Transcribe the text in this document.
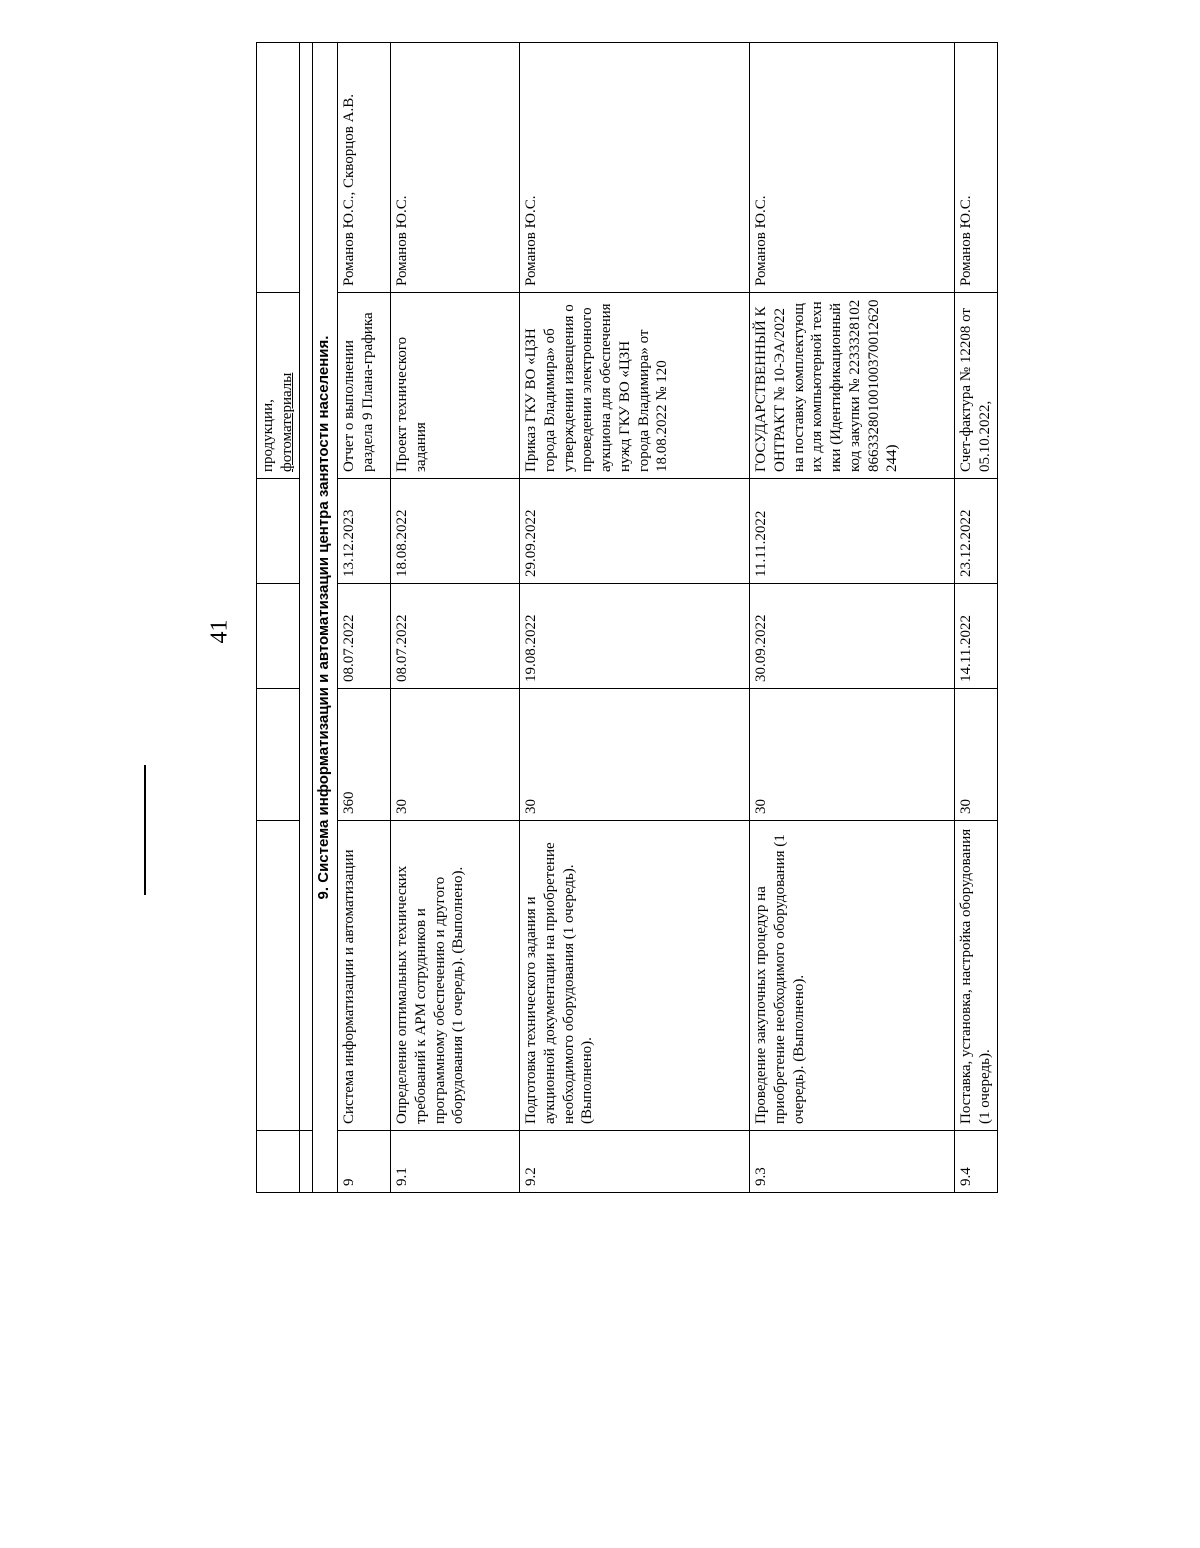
41

					продукции, фотоматериалы	

9. Система информатизации и автоматизации центра занятости населения.						
9	Система информатизации и автоматизации	360	08.07.2022	13.12.2023	Отчет о выполнении раздела 9 Плана-графика	Романов Ю.С., Скворцов А.В.
9.1	Определение оптимальных технических требований к АРМ сотрудников и программному обеспечению и другого оборудования (1 очередь). (Выполнено).	30	08.07.2022	18.08.2022	Проект технического задания	Романов Ю.С.
9.2	Подготовка технического задания и аукционной документации на приобретение необходимого оборудования (1 очередь). (Выполнено).	30	19.08.2022	29.09.2022	Приказ ГКУ ВО «ЦЗН города Владимира» об утверждении извещения о проведении электронного аукциона для обеспечения нужд ГКУ ВО «ЦЗН города Владимира» от 18.08.2022 № 120	Романов Ю.С.
9.3	Проведение закупочных процедур на приобретение необходимого оборудования (1 очередь). (Выполнено).	30	30.09.2022	11.11.2022	ГОСУДАРСТВЕННЫЙ КОНТРАКТ № 10-ЭА/2022 на поставку комплектующих для компьютерной техники (Идентификационный код закупки № 223332810286633280100100370012620244)	Романов Ю.С.
9.4	Поставка, установка, настройка оборудования (1 очередь).	30	14.11.2022	23.12.2022	Счет-фактура № 12208 от 05.10.2022,	Романов Ю.С.
